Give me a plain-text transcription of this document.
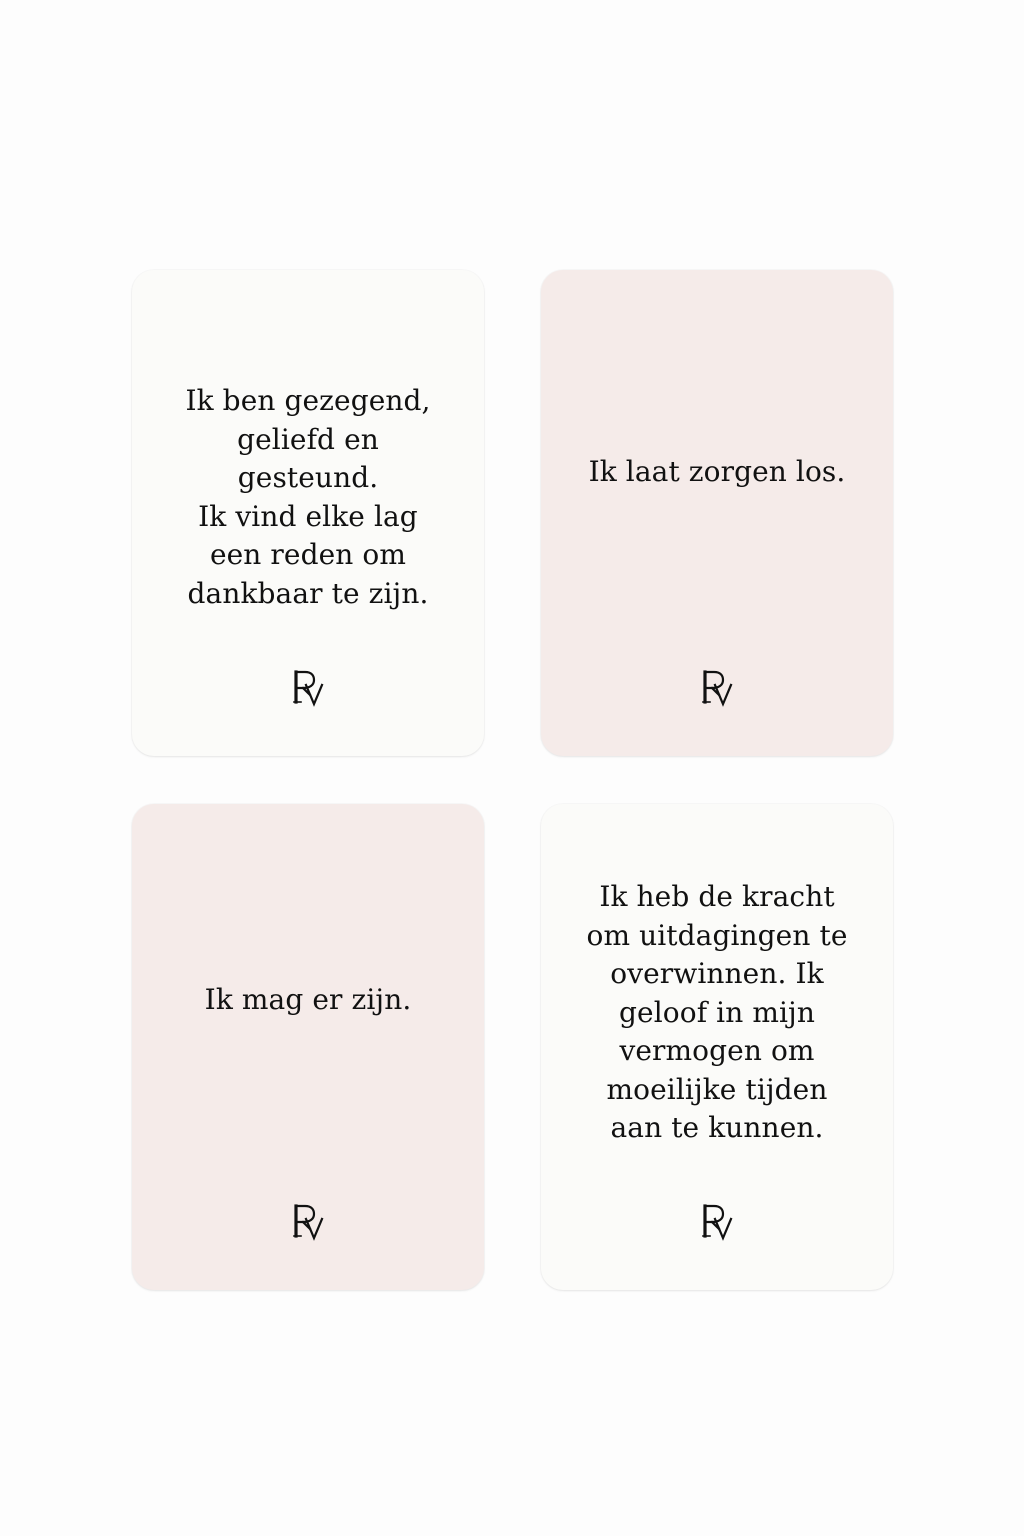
Ik ben gezegend,
geliefd en
gesteund.
Ik vind elke lag
een reden om
dankbaar te zijn.
Ik laat zorgen los.
Ik mag er zijn.
Ik heb de kracht
om uitdagingen te
overwinnen. Ik
geloof in mijn
vermogen om
moeilijke tijden
aan te kunnen.
